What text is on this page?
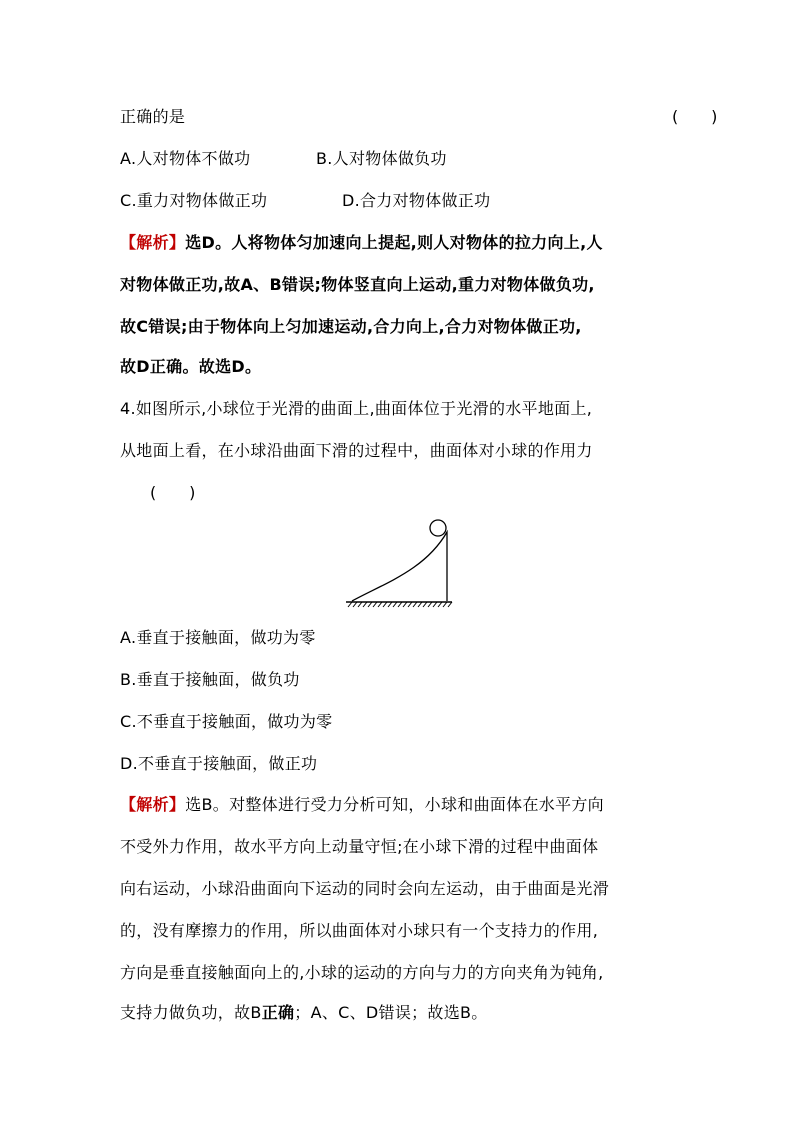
正确的是	(　　)
A.人对物体不做功	B.人对物体做负功
C.重力对物体做正功	D.合力对物体做正功
【解析】选D。人将物体匀加速向上提起,则人对物体的拉力向上,人
对物体做正功,故A、B错误;物体竖直向上运动,重力对物体做负功,
故C错误;由于物体向上匀加速运动,合力向上,合力对物体做正功,
故D正确。故选D。
4.如图所示,小球位于光滑的曲面上,曲面体位于光滑的水平地面上,
从地面上看，在小球沿曲面下滑的过程中，曲面体对小球的作用力
(　　)
A.垂直于接触面，做功为零
B.垂直于接触面，做负功
C.不垂直于接触面，做功为零
D.不垂直于接触面，做正功
【解析】选B。对整体进行受力分析可知，小球和曲面体在水平方向
不受外力作用，故水平方向上动量守恒;在小球下滑的过程中曲面体
向右运动，小球沿曲面向下运动的同时会向左运动，由于曲面是光滑
的，没有摩擦力的作用，所以曲面体对小球只有一个支持力的作用,
方向是垂直接触面向上的,小球的运动的方向与力的方向夹角为钝角,
支持力做负功，故B正确；A、C、D错误；故选B。
